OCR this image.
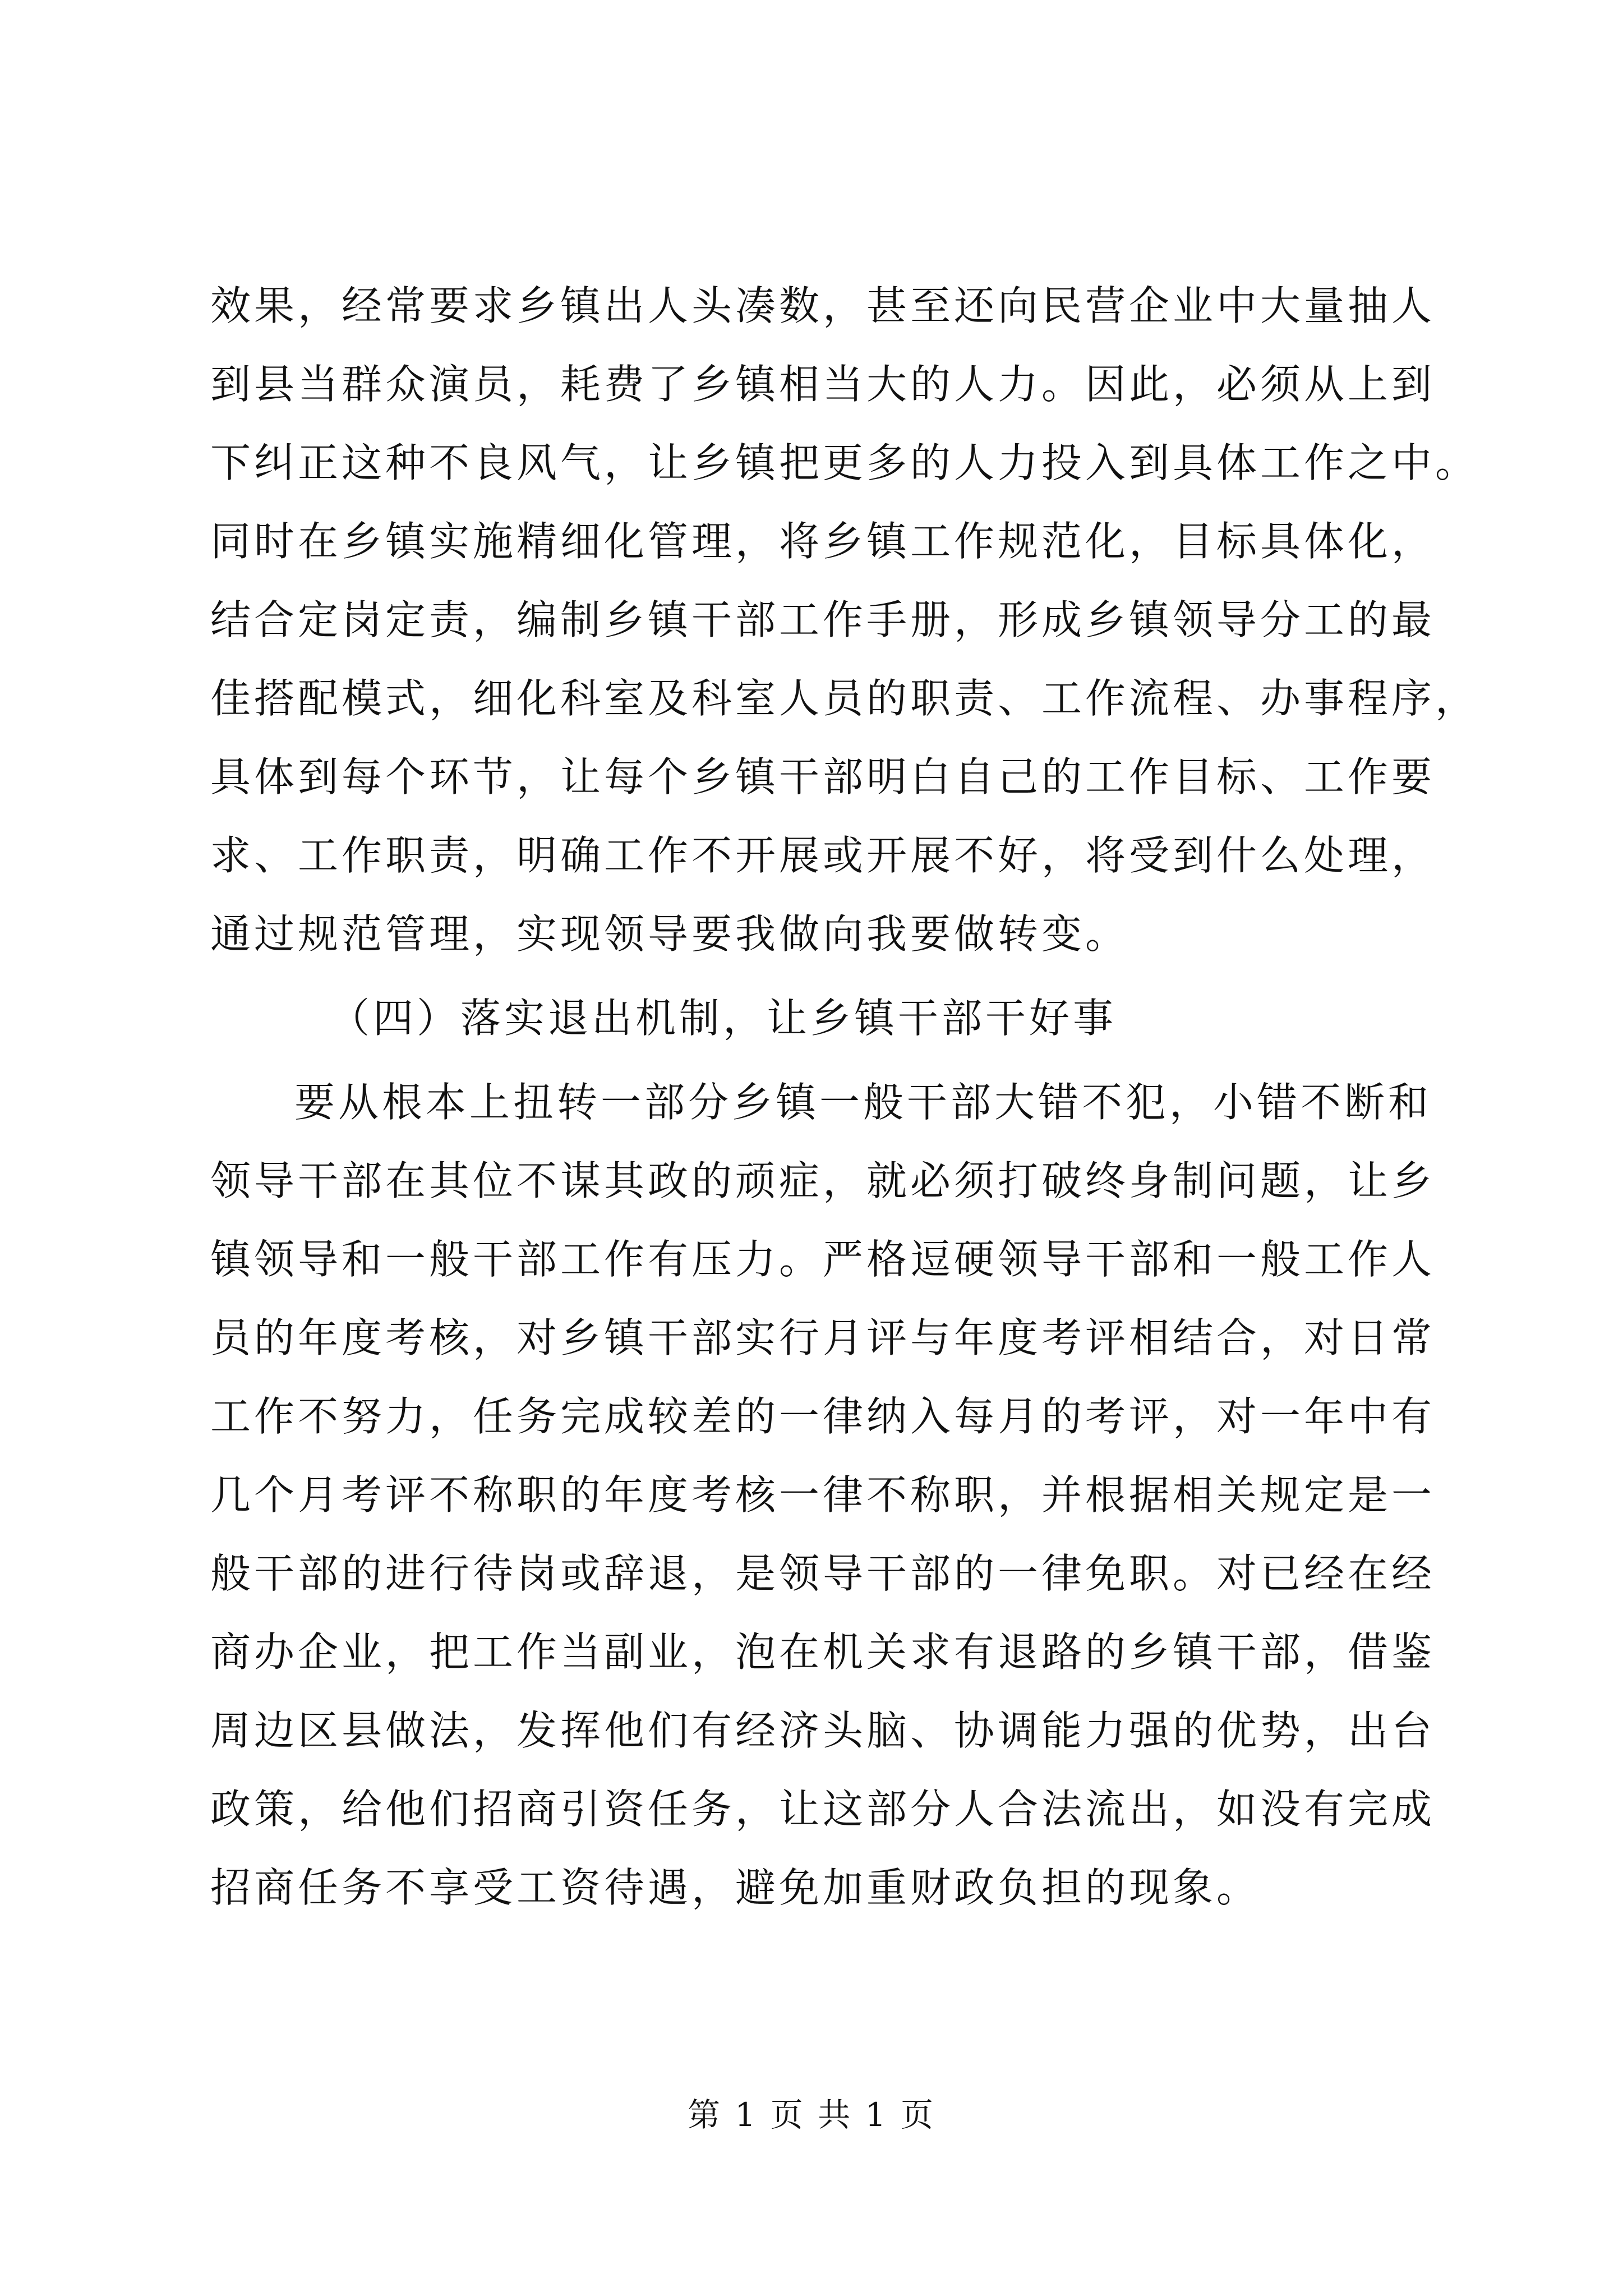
效果，经常要求乡镇出人头凑数，甚至还向民营企业中大量抽人
到县当群众演员，耗费了乡镇相当大的人力。因此，必须从上到
下纠正这种不良风气，让乡镇把更多的人力投入到具体工作之中。
同时在乡镇实施精细化管理，将乡镇工作规范化，目标具体化，
结合定岗定责，编制乡镇干部工作手册，形成乡镇领导分工的最
佳搭配模式，细化科室及科室人员的职责、工作流程、办事程序，
具体到每个环节，让每个乡镇干部明白自己的工作目标、工作要
求、工作职责，明确工作不开展或开展不好，将受到什么处理，
通过规范管理，实现领导要我做向我要做转变。
（四）落实退出机制，让乡镇干部干好事
要从根本上扭转一部分乡镇一般干部大错不犯，小错不断和
领导干部在其位不谋其政的顽症，就必须打破终身制问题，让乡
镇领导和一般干部工作有压力。严格逗硬领导干部和一般工作人
员的年度考核，对乡镇干部实行月评与年度考评相结合，对日常
工作不努力，任务完成较差的一律纳入每月的考评，对一年中有
几个月考评不称职的年度考核一律不称职，并根据相关规定是一
般干部的进行待岗或辞退，是领导干部的一律免职。对已经在经
商办企业，把工作当副业，泡在机关求有退路的乡镇干部，借鉴
周边区县做法，发挥他们有经济头脑、协调能力强的优势，出台
政策，给他们招商引资任务，让这部分人合法流出，如没有完成
招商任务不享受工资待遇，避免加重财政负担的现象。
第 1 页 共 1 页
